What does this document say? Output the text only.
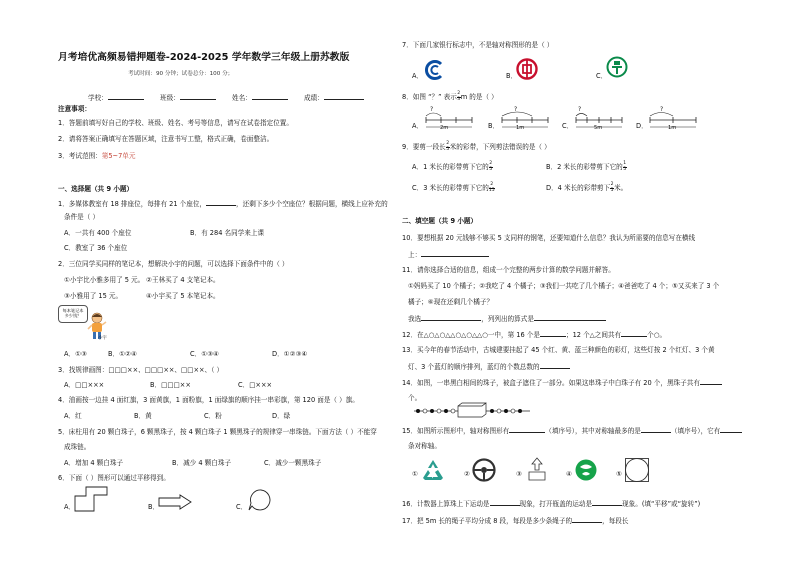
月考培优高频易错押题卷-2024-2025 学年数学三年级上册苏教版
考试时间：90 分钟；试卷总分：100 分；
学校：	班级：	姓名：	成绩：
注意事项：
1．答题前填写好自己的学校、班级、姓名、考号等信息，请写在试卷指定位置。
2．请将答案正确填写在答题区域，注意书写工整，格式正确，卷面整洁。
3．考试范围：第5~7单元
一、选择题（共 9 小题）
1．多媒体教室有 18 排座位，每排有 21 个座位，	，还剩下多少个空座位？根据问题，横线上应补充的
条件是（ ）
A．一共有 400 个座位	B．有 284 名同学来上课
C．教室了 36 个座位
2．三位同学买同样的笔记本，想解决小宇的问题，可以选择下面条件中的（ ）
①小宇比小雅多用了 5 元。 ②王林买了 4 支笔记本。
③小雅用了 15 元。	④小宇买了 5 本笔记本。
每本笔记本
多少钱？
小宇
A．①③	B．①②④	C．①③④	D．①②③④
3．找规律画图：□□□××、□□□××、□□××、（ ）
A．□□×××	B．□□□××	C．□×××
4．油画按一边挂 4 面红旗，3 面黄旗，1 面粉旗，1 面绿旗的顺序挂一串彩旗，第 120 面是（ ）旗。
A．红	B．黄	C．粉	D．绿
5．床柱用有 20 颗白珠子，6 颗黑珠子，按 4 颗白珠子 1 颗黑珠子的规律穿一串珠链。下面方法（ ）不能穿
成珠链。
A．增加 4 颗白珠子	B．减少 4 颗白珠子	C．减少一颗黑珠子
6．下面（ ）图形可以通过平移得到。
A．	B．	C．
7．下面几家银行标志中，不是轴对称图形的是（ ）
A．	B．	C．
8．如图 “？” 表示 $\frac{2}{3}$ m 的是（ ）
A．
?
2m	B．
?
1m	C．
?
5m	D．
?
1m
9．要剪一段长 $\frac{2}{5}$ 米的彩带，下列剪法错误的是（ ）
A．1 米长的彩带剪下它的 $\frac{2}{5}$	B．2 米长的彩带剪下它的 $\frac{1}{5}$
C．3 米长的彩带剪下它的 $\frac{2}{15}$	D．4 米长的彩带剪下 $\frac{2}{5}$ 米。
二、填空题（共 9 小题）
10．要想根据 20 元钱够不够买 5 支同样的钢笔，还要知道什么信息？我认为所需要的信息写在横线
上：
11．请你选择合适的信息，组成一个完整的两步计算的数学问题并解答。
①妈妈买了 10 个橘子；②我吃了 4 个橘子；③我们一共吃了几个橘子；④爸爸吃了 4 个；⑤又买来了 3 个
橘子；⑥现在还剩几个橘子？
我选	，列列出的算式是
12．在△○△○△△○△○△△○一中，第 16 个是	；12 个△之间共有	个○。
13．买今年的春节活动中，古城建要挂起了 45 个红、黄、蓝三种颜色的彩灯，这些灯按 2 个红灯、3 个黄
灯、3 个蓝灯的顺序排列，蓝灯的个数总数的
14．如图，一串黑白相间的珠子，被盒子遮住了一部分。如果这串珠子中白珠子有 20 个，黑珠子共有
个。
15．如图所示图形中，轴对称图形有	（填序号），其中对称轴最多的是	（填序号），它有
条对称轴。
①	②	③	④	⑤
16．计数器上算珠上下运动是	现象，打开瓶盖的运动是	现象。(填“平移”或“旋转”)
17．把 5m 长的绳子平均分成 8 段，每段是多少条绳子的	，每段长
